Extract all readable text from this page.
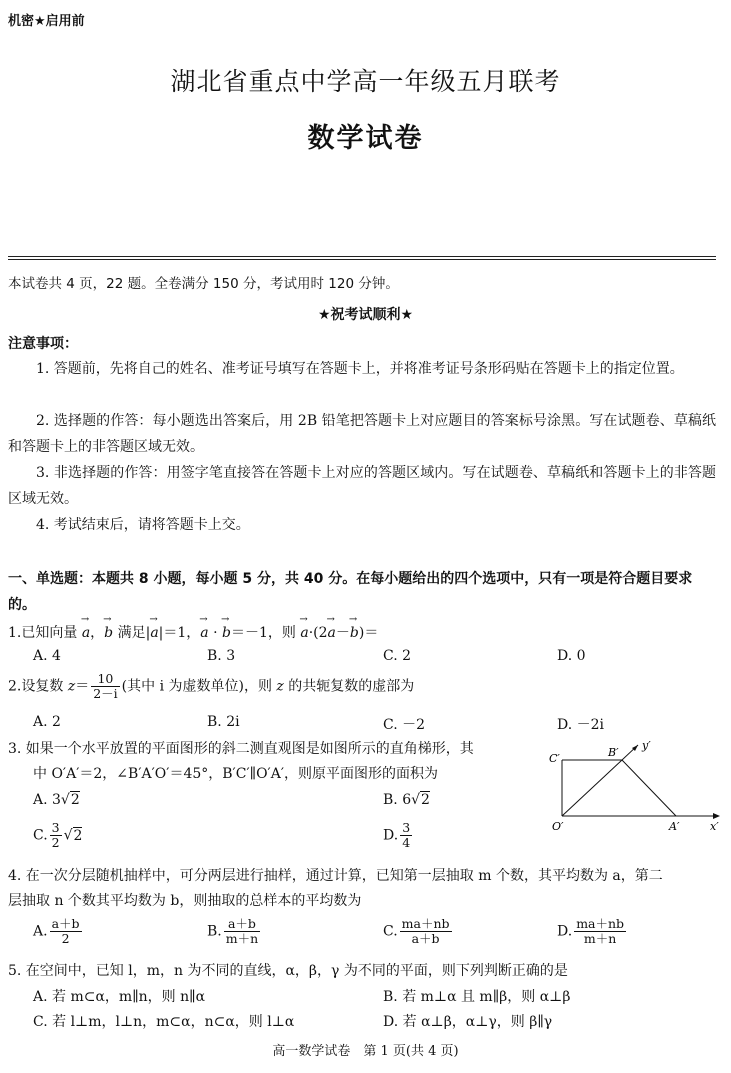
机密★启用前
湖北省重点中学高一年级五月联考
数学试卷
本试卷共 4 页，22 题。全卷满分 150 分，考试用时 120 分钟。
★祝考试顺利★
注意事项：
1. 答题前，先将自己的姓名、准考证号填写在答题卡上，并将准考证号条形码贴在答题卡上的指定位置。
2. 选择题的作答：每小题选出答案后，用 2B 铅笔把答题卡上对应题目的答案标号涂黑。写在试题卷、草稿纸和答题卡上的非答题区域无效。
3. 非选择题的作答：用签字笔直接答在答题卡上对应的答题区域内。写在试题卷、草稿纸和答题卡上的非答题区域无效。
4. 考试结束后，请将答题卡上交。
一、单选题：本题共 8 小题，每小题 5 分，共 40 分。在每小题给出的四个选项中，只有一项是符合题目要求的。
1.已知向量 → a，→ b 满足|→ a|＝1，→ a · → b＝－1，则 → a·(2→ a－→ b)＝
A. 4	B. 3	C. 2	D. 0
2.设复数 $z= \frac{10}{2-i}$ (其中 i 为虚数单位)，则 z 的共轭复数的虚部为
A. 2	B. 2i	C. －2	D. －2i
3. 如果一个水平放置的平面图形的斜二测直观图是如图所示的直角梯形，其
中 O′A′＝2，∠B′A′O′＝45°，B′C′∥O′A′，则原平面图形的面积为
A. 3√2	B. 6√2
C. $\frac{3}{2} √2$	D. $\frac{3}{4}$
C′	B′
y′
O′	A′	x′
4. 在一次分层随机抽样中，可分两层进行抽样，通过计算，已知第一层抽取 m 个数，其平均数为 a，第二
层抽取 n 个数其平均数为 b，则抽取的总样本的平均数为
A. $\frac{a+b}{2}$	B. $\frac{a+b}{m+n}$	C. $\frac{ma+nb}{a+b}$	D. $\frac{ma+nb}{m+n}$
5. 在空间中，已知 l，m，n 为不同的直线，α，β，γ 为不同的平面，则下列判断正确的是
A. 若 m⊂α，m∥n，则 n∥α	B. 若 m⊥α 且 m∥β，则 α⊥β
C. 若 l⊥m，l⊥n，m⊂α，n⊂α，则 l⊥α	D. 若 α⊥β，α⊥γ，则 β∥γ
高一数学试卷　第 1 页(共 4 页)
